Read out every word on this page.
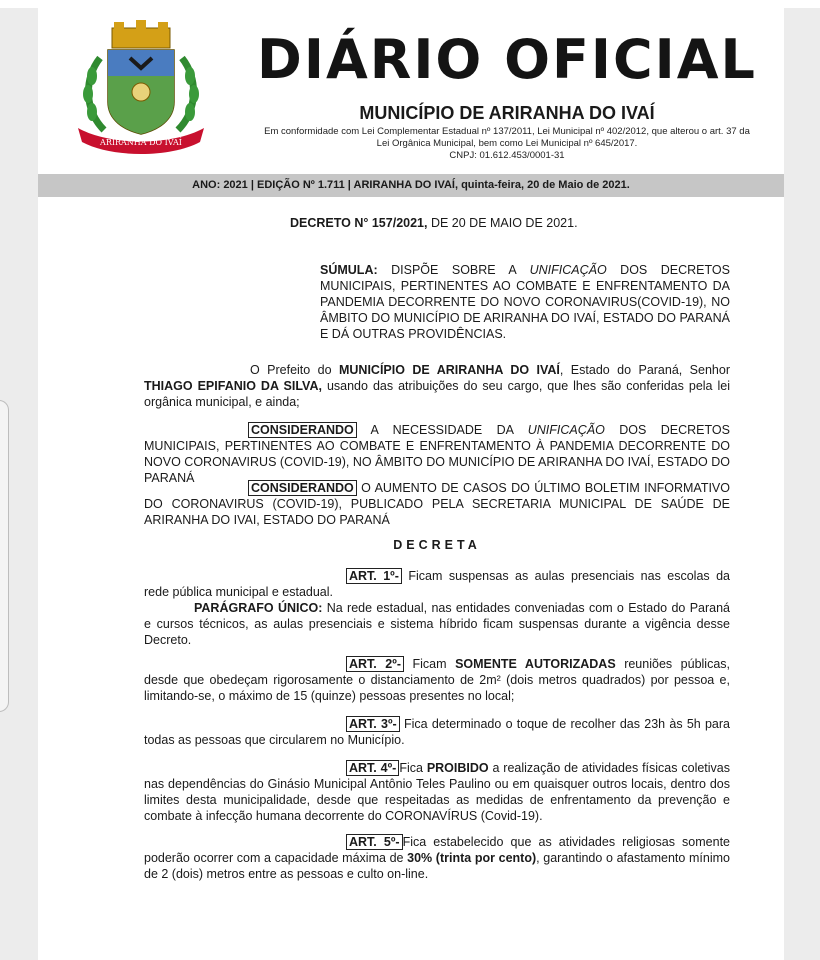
ARIRANHA DO IVAÍ
DIÁRIO OFICIAL
MUNICÍPIO DE ARIRANHA DO IVAÍ
Em conformidade com Lei Complementar Estadual nº 137/2011, Lei Municipal nº 402/2012, que alterou o art. 37 da
Lei Orgânica Municipal, bem como Lei Municipal nº 645/2017.
CNPJ: 01.612.453/0001-31
ANO: 2021 | EDIÇÃO Nº 1.711 | ARIRANHA DO IVAÍ, quinta-feira, 20 de Maio de 2021.
DECRETO N° 157/2021, DE 20 DE MAIO DE 2021.
SÚMULA: DISPÕE SOBRE A UNIFICAÇÃO DOS DECRETOS MUNICIPAIS, PERTINENTES AO COMBATE E ENFRENTAMENTO DA PANDEMIA DECORRENTE DO NOVO CORONAVIRUS(COVID-19), NO ÂMBITO DO MUNICÍPIO DE ARIRANHA DO IVAÍ, ESTADO DO PARANÁ E DÁ OUTRAS PROVIDÊNCIAS.
O Prefeito do MUNICÍPIO DE ARIRANHA DO IVAÍ, Estado do Paraná, Senhor THIAGO EPIFANIO DA SILVA, usando das atribuições do seu cargo, que lhes são conferidas pela lei orgânica municipal, e ainda;
CONSIDERANDO A NECESSIDADE DA UNIFICAÇÃO DOS DECRETOS MUNICIPAIS, PERTINENTES AO COMBATE E ENFRENTAMENTO À PANDEMIA DECORRENTE DO NOVO CORONAVIRUS (COVID-19), NO ÂMBITO DO MUNICÍPIO DE ARIRANHA DO IVAÍ, ESTADO DO PARANÁ
CONSIDERANDO O AUMENTO DE CASOS DO ÚLTIMO BOLETIM INFORMATIVO DO CORONAVIRUS (COVID-19), PUBLICADO PELA SECRETARIA MUNICIPAL DE SAÚDE DE ARIRANHA DO IVAI, ESTADO DO PARANÁ
DECRETA
ART. 1º- Ficam suspensas as aulas presenciais nas escolas da rede pública municipal e estadual.
PARÁGRAFO ÚNICO: Na rede estadual, nas entidades conveniadas com o Estado do Paraná e cursos técnicos, as aulas presenciais e sistema híbrido ficam suspensas durante a vigência desse Decreto.
ART. 2º- Ficam SOMENTE AUTORIZADAS reuniões públicas, desde que obedeçam rigorosamente o distanciamento de 2m² (dois metros quadrados) por pessoa e, limitando-se, o máximo de 15 (quinze) pessoas presentes no local;
ART. 3º- Fica determinado o toque de recolher das 23h às 5h para todas as pessoas que circularem no Município.
ART. 4º- Fica PROIBIDO a realização de atividades físicas coletivas nas dependências do Ginásio Municipal Antônio Teles Paulino ou em quaisquer outros locais, dentro dos limites desta municipalidade, desde que respeitadas as medidas de enfrentamento da prevenção e combate à infecção humana decorrente do CORONAVÍRUS (Covid-19).
ART. 5º- Fica estabelecido que as atividades religiosas somente poderão ocorrer com a capacidade máxima de 30% (trinta por cento), garantindo o afastamento mínimo de 2 (dois) metros entre as pessoas e culto on-line.
